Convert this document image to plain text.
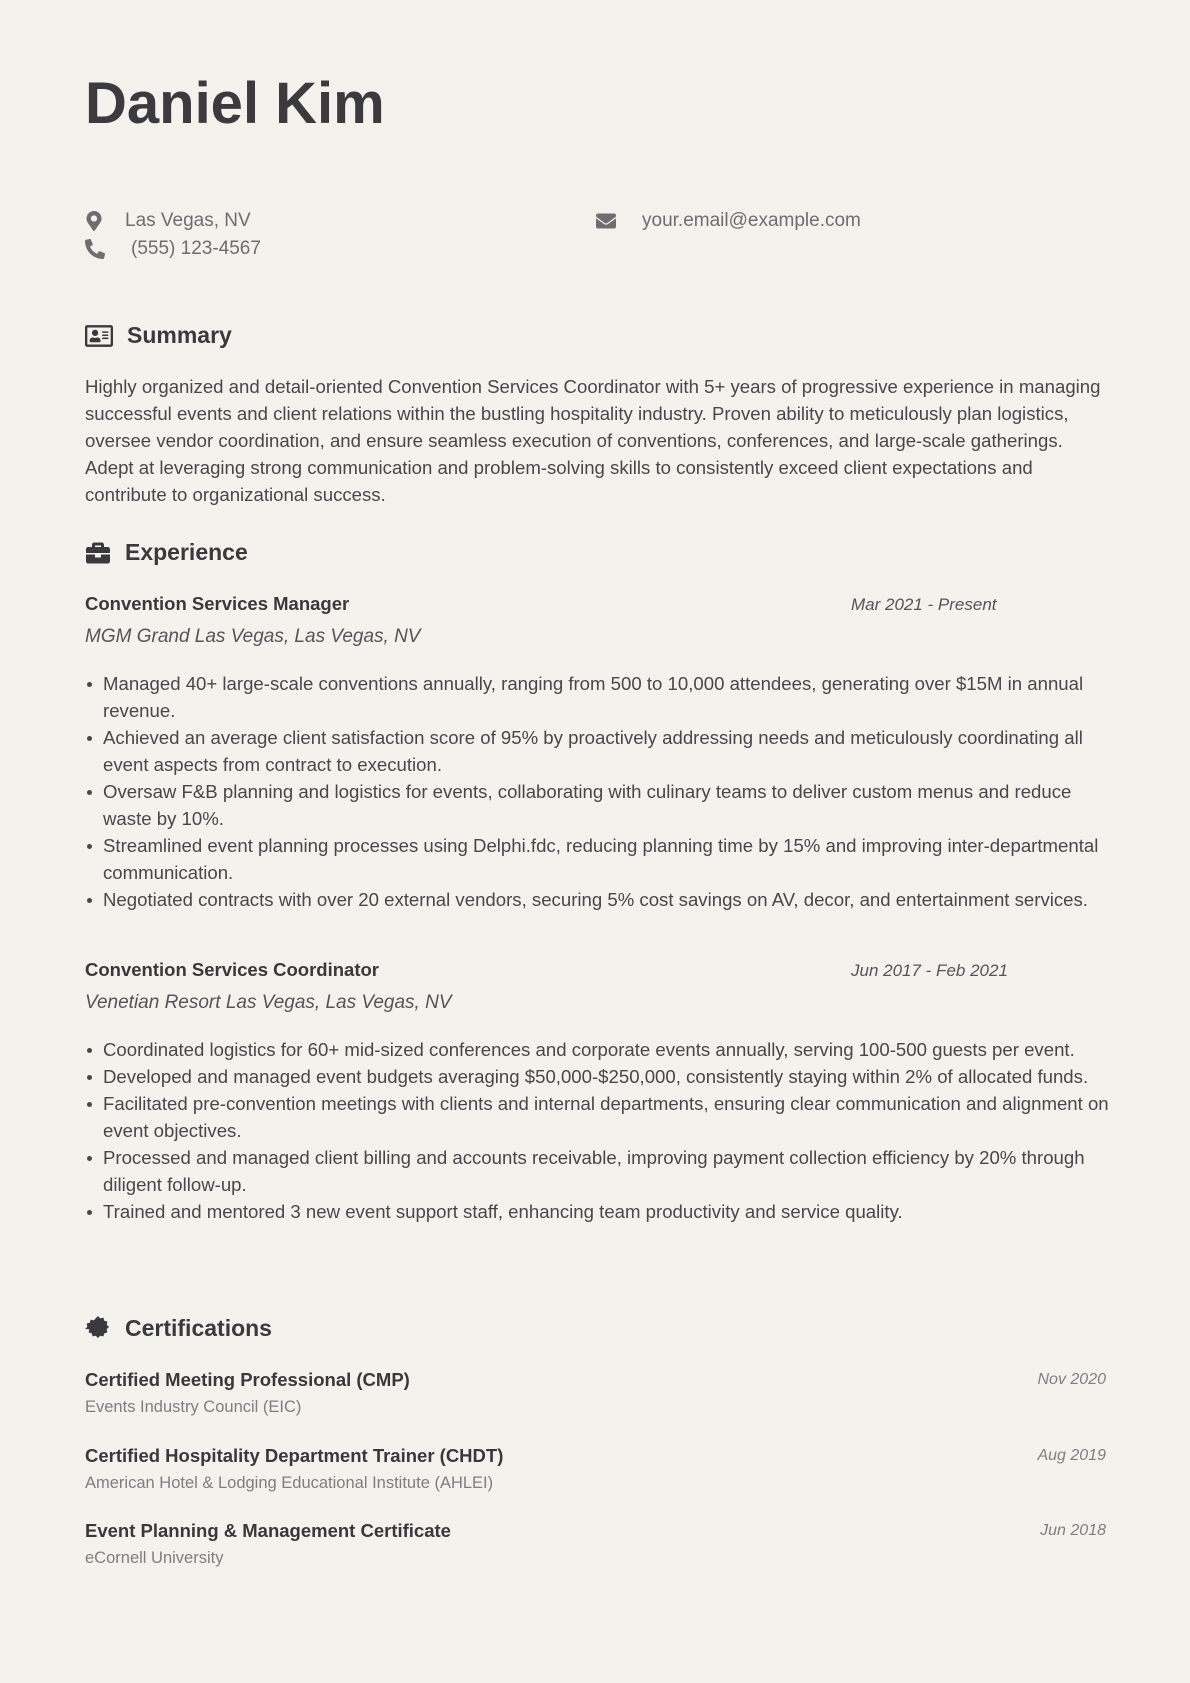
Daniel Kim
Las Vegas, NV	your.email@example.com
(555) 123-4567
Summary

Highly organized and detail-oriented Convention Services Coordinator with 5+ years of progressive experience in managing successful events and client relations within the bustling hospitality industry. Proven ability to meticulously plan logistics, oversee vendor coordination, and ensure seamless execution of conventions, conferences, and large-scale gatherings. Adept at leveraging strong communication and problem-solving skills to consistently exceed client expectations and contribute to organizational success.

Experience

Convention Services Manager	Mar 2021 - Present

MGM Grand Las Vegas, Las Vegas, NV

Managed 40+ large-scale conventions annually, ranging from 500 to 10,000 attendees, generating over $15M in annual revenue.
Achieved an average client satisfaction score of 95% by proactively addressing needs and meticulously coordinating all event aspects from contract to execution.
Oversaw F&B planning and logistics for events, collaborating with culinary teams to deliver custom menus and reduce waste by 10%.
Streamlined event planning processes using Delphi.fdc, reducing planning time by 15% and improving inter-departmental communication.
Negotiated contracts with over 20 external vendors, securing 5% cost savings on AV, decor, and entertainment services.

Convention Services Coordinator	Jun 2017 - Feb 2021

Venetian Resort Las Vegas, Las Vegas, NV

Coordinated logistics for 60+ mid-sized conferences and corporate events annually, serving 100-500 guests per event.
Developed and managed event budgets averaging $50,000-$250,000, consistently staying within 2% of allocated funds.
Facilitated pre-convention meetings with clients and internal departments, ensuring clear communication and alignment on event objectives.
Processed and managed client billing and accounts receivable, improving payment collection efficiency by 20% through diligent follow-up.
Trained and mentored 3 new event support staff, enhancing team productivity and service quality.
Certifications

Certified Meeting Professional (CMP)

Events Industry Council (EIC)

Nov 2020

Certified Hospitality Department Trainer (CHDT)

American Hotel & Lodging Educational Institute (AHLEI)

Aug 2019

Event Planning & Management Certificate

eCornell University

Jun 2018
